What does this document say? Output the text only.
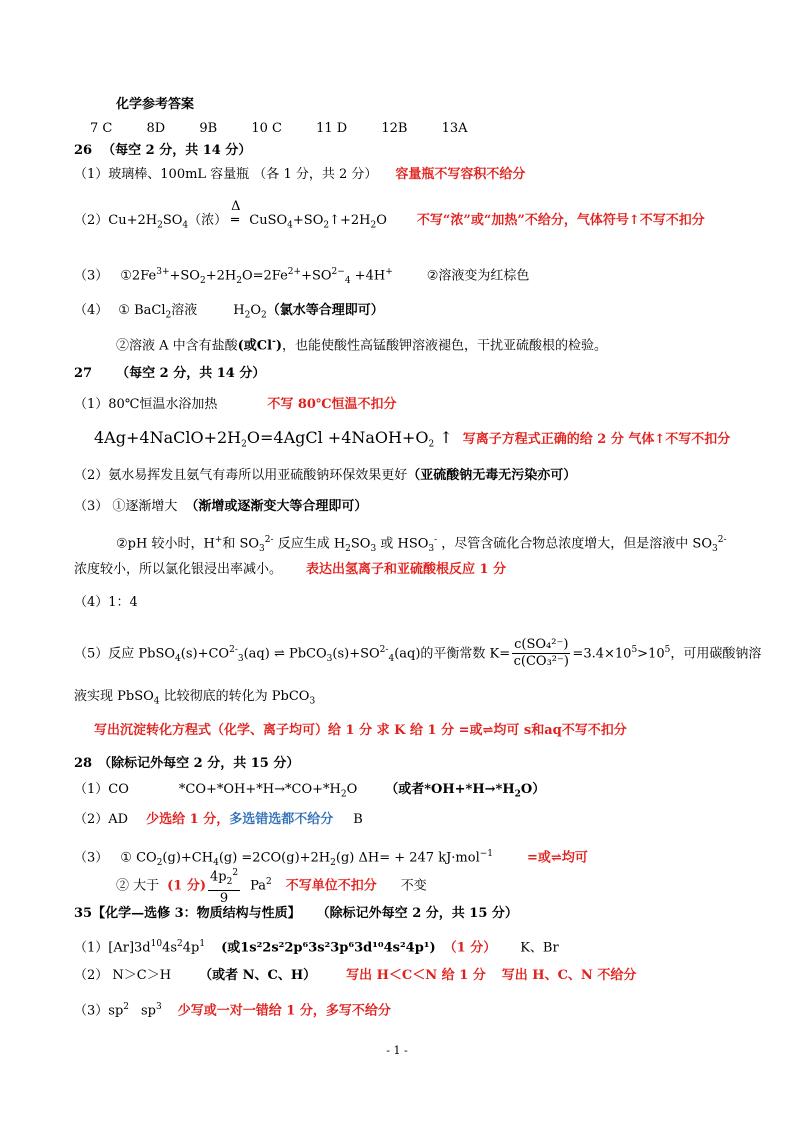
化学参考答案
7 C	8D	9B	10 C	11 D	12B	13A
26 （每空 2 分，共 14 分）
（1）玻璃棒、100mL 容量瓶 （各 1 分，共 2 分） 容量瓶不写容积不给分
$(2)Cu+2H_2SO_4$（浓）
Δ
═ $CuSO_4+SO_2↑+2H_2O$ 不写“浓”或“加热”不给分，气体符号↑不写不扣分
（3） $①2Fe^{3+}+SO_2+2H_2O=2Fe^{2+}+SO^{2-}_4 +4H^+$	②溶液变为红棕色
（4） ① BaCl$_2$溶液	$H_2O_2$（氯水等合理即可）
②溶液 A 中含有盐酸(或Cl-)，也能使酸性高锰酸钾溶液褪色，干扰亚硫酸根的检验。
27 （每空 2 分，共 14 分）
（1）80℃恒温水浴加热	不写 80℃恒温不扣分
$4Ag+4NaClO+2H_2O=4AgCl$ $+4NaOH+O_2$ ↑ 写离子方程式正确的给 2 分 气体↑不写不扣分
（2）氨水易挥发且氨气有毒所以用亚硫酸钠环保效果更好（亚硫酸钠无毒无污染亦可）
（3） ①逐渐增大 （渐增或逐渐变大等合理即可）
②pH 较小时，H+和 $SO_3^{2-}$ 反应生成 $H_2SO_3$ 或 $HSO_3^-$ ，尽管含硫化合物总浓度增大，但是溶液中 $SO_3^{2-}$
浓度较小，所以氯化银浸出率减小。 表达出氢离子和亚硫酸根反应 1 分
（4）1：4
（5）反应 $PbSO_4(s)+CO^{2-}_3(aq)$ ⇌ $PbCO_3(s)+SO^{2-}_4(aq)$的平衡常数 $K= \frac{\text{c(SO₄²⁻)}}{\text{c(CO₃²⁻)}} =3.4\times 10^5>10^5$，可用碳酸钠溶
液实现 PbSO$_4$ 比较彻底的转化为 PbCO$_3$
写出沉淀转化方程式（化学、离子均可）给 1 分 求 K 给 1 分 =或⇌均可 s和aq不写不扣分
28 （除标记外每空 2 分，共 15 分）
（1）CO	$*CO+*OH+*H\to*CO+*H_2O$ （或者$*OH+*H\to*H_2O$）
（2）AD 少选给 1 分，多选错选都不给分 B
（3） ① $CO_2(g)+CH_4(g) =2CO(g)+2H_2(g) \Delta H= + 247$ kJ·mol$^{-1}$	=或⇌均可
② 大于 (1 分) $\frac{4p_2^2}{9} Pa^2$ 不写单位不扣分 不变
35【化学—选修 3：物质结构与性质】 （除标记外每空 2 分，共 15 分）
$(1)[Ar]3d^{10}4s^24p^1$ (或1s²2s²2p⁶3s²3p⁶3d¹⁰4s²4p¹) （1 分） K、Br
（2） N＞C＞H （或者 N、C、H） 写出 H＜C＜N 给 1 分 写出 H、C、N 不给分
$(3)sp^2$ $sp^3$ 少写或一对一错给 1 分，多写不给分
- 1 -
